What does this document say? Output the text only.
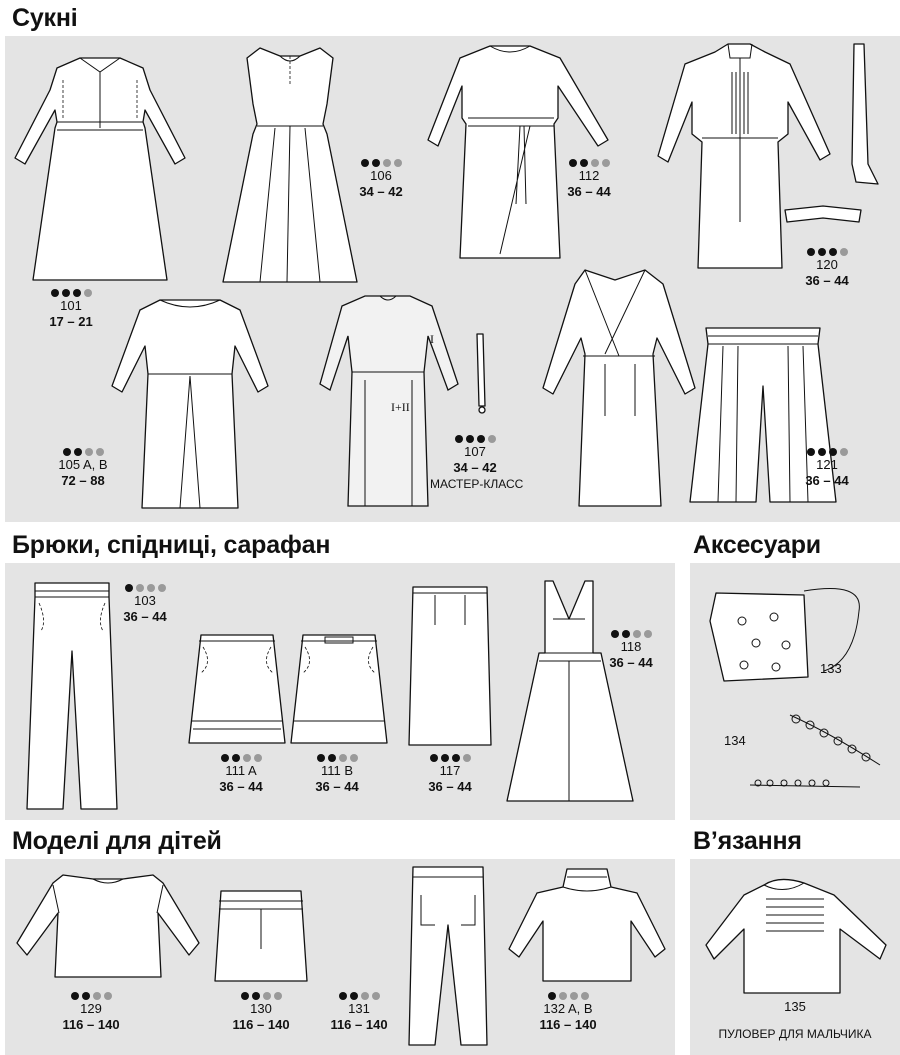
Сукні
Брюки, спідниці, сарафан	Аксесуари
Моделі для дітей	В’язання
I
I+II
101
17 – 21
106
34 – 42
112
36 – 44
120
36 – 44
105 A, B
72 – 88
107
34 – 42
МАСТЕР-КЛАСС
121
36 – 44
103
36 – 44
111 A
36 – 44
111 B
36 – 44
117
36 – 44
118
36 – 44	133
134
129
116 – 140
130
116 – 140
131
116 – 140
132 A, B
116 – 140
135
ПУЛОВЕР ДЛЯ МАЛЬЧИКА
